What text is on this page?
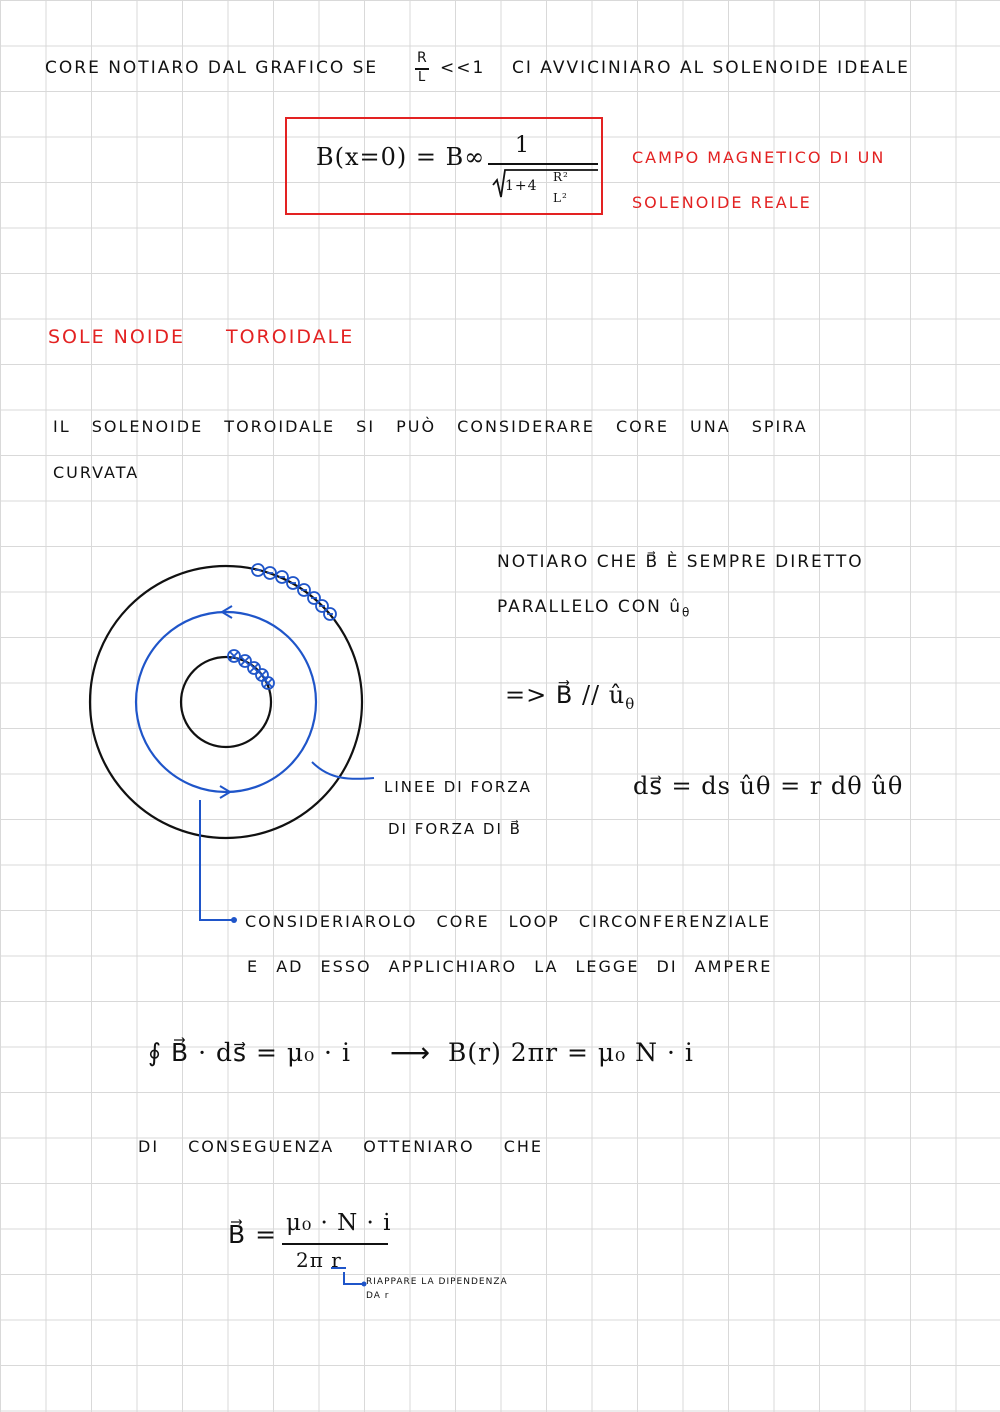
CORE NOTIARO DAL GRAFICO SE	R
L <<1 CI AVVICINIARO AL SOLENOIDE IDEALE
B(x=0) = B∞ 1
1+4
R²
L²
CAMPO MAGNETICO DI UN
SOLENOIDE REALE
SOLE NOIDE TOROIDALE
IL SOLENOIDE TOROIDALE SI PUÒ CONSIDERARE CORE UNA SPIRA
CURVATA
NOTIARO CHE B⃗ È SEMPRE DIRETTO
PARALLELO CON $û_\theta$
=> B⃗ // $û_\theta$
LINEE DI FORZA
DI FORZA DI B⃗
ds⃗ = ds ûθ = r dθ ûθ
CONSIDERIAROLO CORE LOOP CIRCONFERENZIALE
E AD ESSO APPLICHIARO LA LEGGE DI AMPERE
∮ B⃗ · ds⃗ = μ₀ · i ⟶ B(r) 2πr = μ₀ N · i
DI CONSEGUENZA OTTENIARO CHE
B⃗ = μ₀ · N · i
2π r
RIAPPARE LA DIPENDENZA
DA r
